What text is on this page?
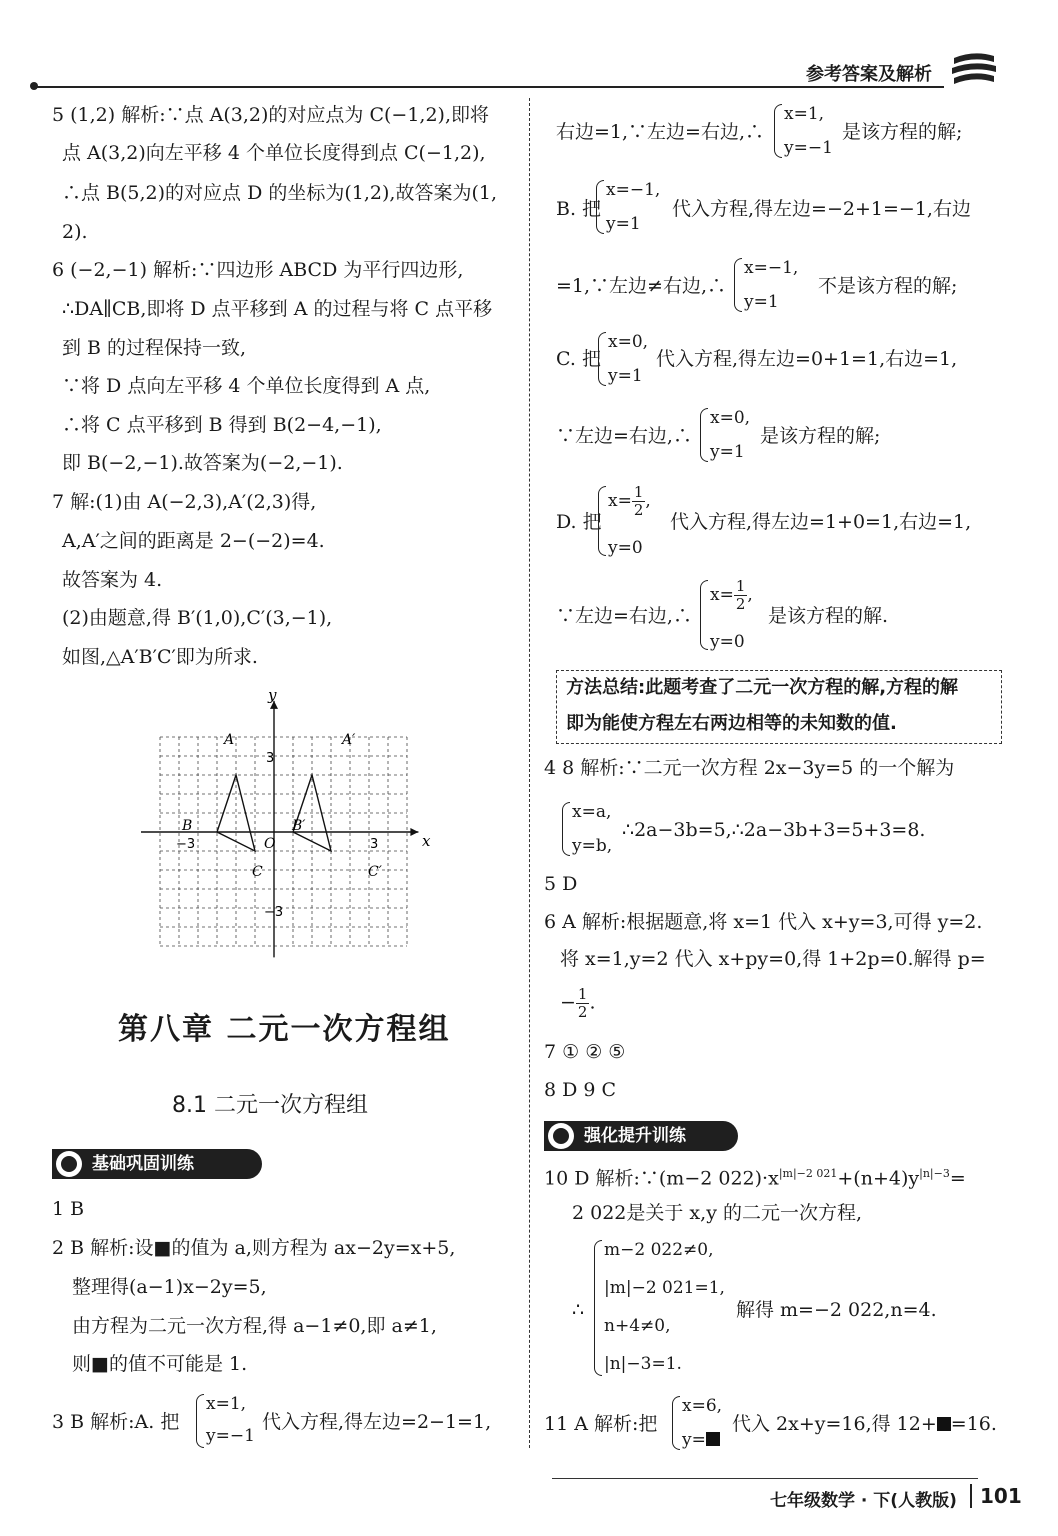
参考答案及解析
5 (1,2) 解析:∵点 A(3,2)的对应点为 C(−1,2),即将
点 A(3,2)向左平移 4 个单位长度得到点 C(−1,2),
∴点 B(5,2)的对应点 D 的坐标为(1,2),故答案为(1,
2).
6 (−2,−1) 解析:∵四边形 ABCD 为平行四边形,
∴DA∥CB,即将 D 点平移到 A 的过程与将 C 点平移
到 B 的过程保持一致,
∵将 D 点向左平移 4 个单位长度得到 A 点,
∴将 C 点平移到 B 得到 B(2−4,−1),
即 B(−2,−1).故答案为(−2,−1).
7 解:(1)由 A(−2,3),A′(2,3)得,
A,A′之间的距离是 2−(−2)=4.
故答案为 4.
(2)由题意,得 B′(1,0),C′(3,−1),
如图,△A′B′C′即为所求.
y
x
O
3
−3
−3	3
A
B
C
A′
B′
C′
第八章 二元一次方程组
8.1 二元一次方程组
基础巩固训练
1 B
2 B 解析:设■的值为 a,则方程为 ax−2y=x+5,
整理得(a−1)x−2y=5,
由方程为二元一次方程,得 a−1≠0,即 a≠1,
则■的值不可能是 1.
3 B 解析:A. 把
x=1,
y=−1
代入方程,得左边=2−1=1,
右边=1,∵左边=右边,∴
x=1,
y=−1
是该方程的解;
B. 把
x=−1,
y=1
代入方程,得左边=−2+1=−1,右边
=1,∵左边≠右边,∴
x=−1,
y=1
不是该方程的解;
C. 把
x=0,
y=1
代入方程,得左边=0+1=1,右边=1,
∵左边=右边,∴
x=0,
y=1
是该方程的解;
D. 把
$x= \frac{1}{2}$ ,
y=0
代入方程,得左边=1+0=1,右边=1,
∵左边=右边,∴
$x= \frac{1}{2}$ ,
y=0
是该方程的解.
方法总结:此题考查了二元一次方程的解,方程的解
即为能使方程左右两边相等的未知数的值.
4 8 解析:∵二元一次方程 2x−3y=5 的一个解为
x=a,
y=b,
∴2a−3b=5,∴2a−3b+3=5+3=8.
5 D
6 A 解析:根据题意,将 x=1 代入 x+y=3,可得 y=2.
将 x=1,y=2 代入 x+py=0,得 1+2p=0.解得 p=
− $\frac{1}{2}$ .
7 ① ② ⑤
8 D 9 C
强化提升训练
10 D 解析:∵(m−2 $022)\cdot x^{|m|-2 021}+(n+4)y^{|n|-3}=$
2 022是关于 x,y 的二元一次方程,
∴
m−2 022≠0,
|m|−2 021=1,
n+4≠0,
|n|−3=1.
解得 m=−2 022,n=4.
11 A 解析:把
x=6,
y=
代入 2x+y=16,得 12+ =16.
七年级数学 · 下(人教版) 101
